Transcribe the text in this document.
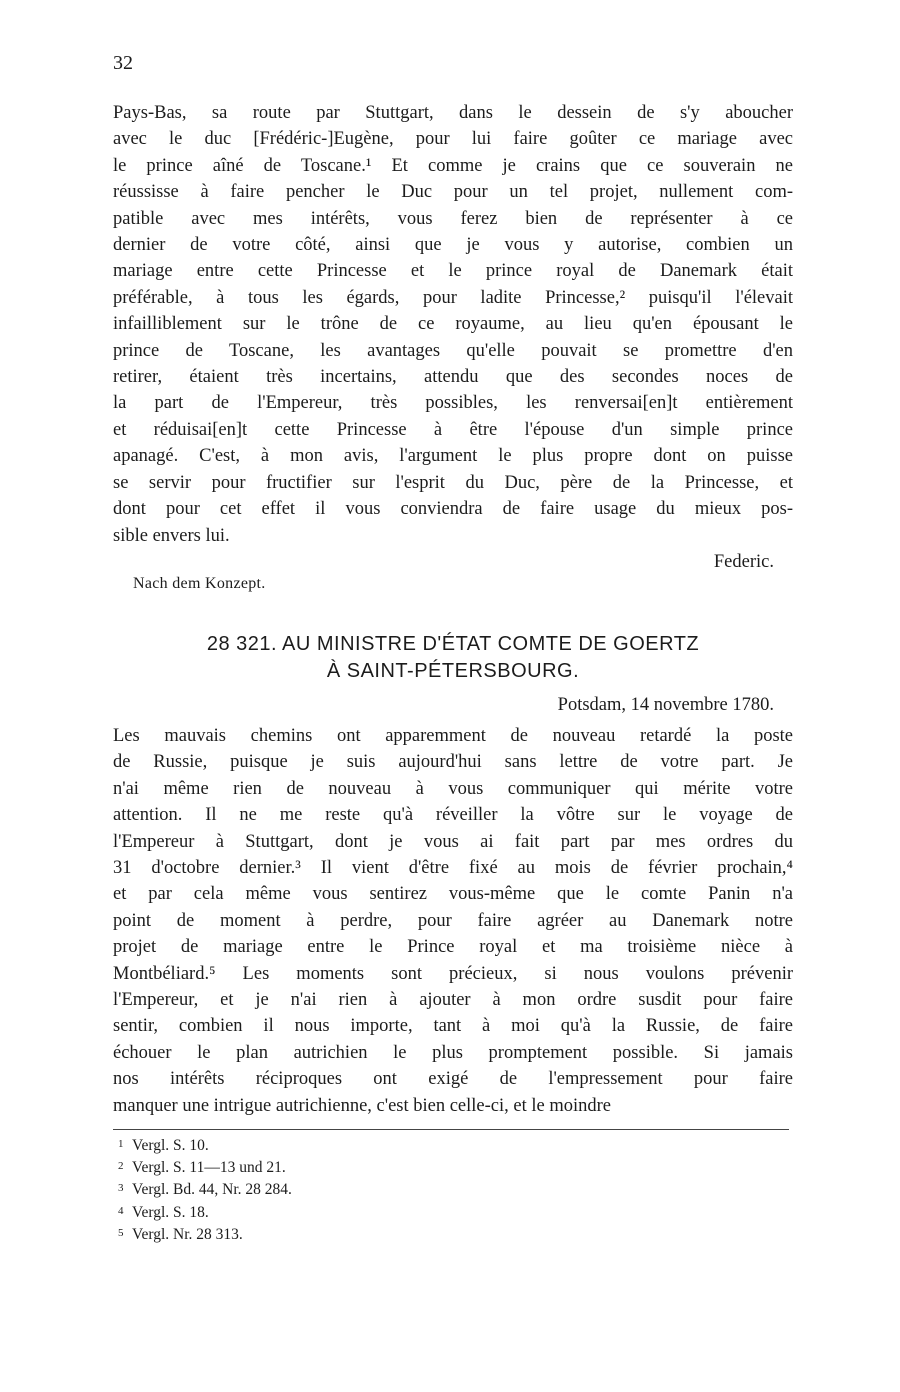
32
Pays-Bas, sa route par Stuttgart, dans le dessein de s'y aboucher
avec le duc [Frédéric-]Eugène, pour lui faire goûter ce mariage avec
le prince aîné de Toscane.¹ Et comme je crains que ce souverain ne
réussisse à faire pencher le Duc pour un tel projet, nullement com-
patible avec mes intérêts, vous ferez bien de représenter à ce
dernier de votre côté, ainsi que je vous y autorise, combien un
mariage entre cette Princesse et le prince royal de Danemark était
préférable, à tous les égards, pour ladite Princesse,² puisqu'il l'élevait
infailliblement sur le trône de ce royaume, au lieu qu'en épousant le
prince de Toscane, les avantages qu'elle pouvait se promettre d'en
retirer, étaient très incertains, attendu que des secondes noces de
la part de l'Empereur, très possibles, les renversai[en]t entièrement
et réduisai[en]t cette Princesse à être l'épouse d'un simple prince
apanagé. C'est, à mon avis, l'argument le plus propre dont on puisse
se servir pour fructifier sur l'esprit du Duc, père de la Princesse, et
dont pour cet effet il vous conviendra de faire usage du mieux pos-
sible envers lui.
Federic.
Nach dem Konzept.
28 321. AU MINISTRE D'ÉTAT COMTE DE GOERTZ
À SAINT-PÉTERSBOURG.
Potsdam, 14 novembre 1780.
Les mauvais chemins ont apparemment de nouveau retardé la poste
de Russie, puisque je suis aujourd'hui sans lettre de votre part. Je
n'ai même rien de nouveau à vous communiquer qui mérite votre
attention. Il ne me reste qu'à réveiller la vôtre sur le voyage de
l'Empereur à Stuttgart, dont je vous ai fait part par mes ordres du
31 d'octobre dernier.³ Il vient d'être fixé au mois de février prochain,⁴
et par cela même vous sentirez vous-même que le comte Panin n'a
point de moment à perdre, pour faire agréer au Danemark notre
projet de mariage entre le Prince royal et ma troisième nièce à
Montbéliard.⁵ Les moments sont précieux, si nous voulons prévenir
l'Empereur, et je n'ai rien à ajouter à mon ordre susdit pour faire
sentir, combien il nous importe, tant à moi qu'à la Russie, de faire
échouer le plan autrichien le plus promptement possible. Si jamais
nos intérêts réciproques ont exigé de l'empressement pour faire
manquer une intrigue autrichienne, c'est bien celle-ci, et le moindre
1 Vergl. S. 10.
2 Vergl. S. 11—13 und 21.
3 Vergl. Bd. 44, Nr. 28 284.
4 Vergl. S. 18.
5 Vergl. Nr. 28 313.
